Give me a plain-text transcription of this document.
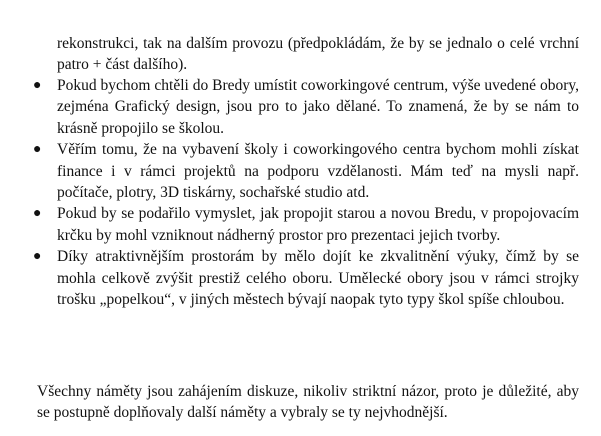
rekonstrukci, tak na dalším provozu (předpokládám, že by se jednalo o celé vrchní patro + část dalšího).

● Pokud bychom chtěli do Bredy umístit coworkingové centrum, výše uvedené obory, zejména Grafický design, jsou pro to jako dělané. To znamená, že by se nám to krásně propojilo se školou.
● Věřím tomu, že na vybavení školy i coworkingového centra bychom mohli získat finance i v rámci projektů na podporu vzdělanosti. Mám teď na mysli např. počítače, plotry, 3D tiskárny, sochařské studio atd.
● Pokud by se podařilo vymyslet, jak propojit starou a novou Bredu, v propojovacím krčku by mohl vzniknout nádherný prostor pro prezentaci jejich tvorby.
● Díky atraktivnějším prostorám by mělo dojít ke zkvalitnění výuky, čímž by se mohla celkově zvýšit prestiž celého oboru. Umělecké obory jsou v rámci strojky trošku „popelkou“, v jiných městech bývají naopak tyto typy škol spíše chloubou.

Všechny náměty jsou zahájením diskuze, nikoliv striktní názor, proto je důležité, aby se postupně doplňovaly další náměty a vybraly se ty nejvhodnější.
